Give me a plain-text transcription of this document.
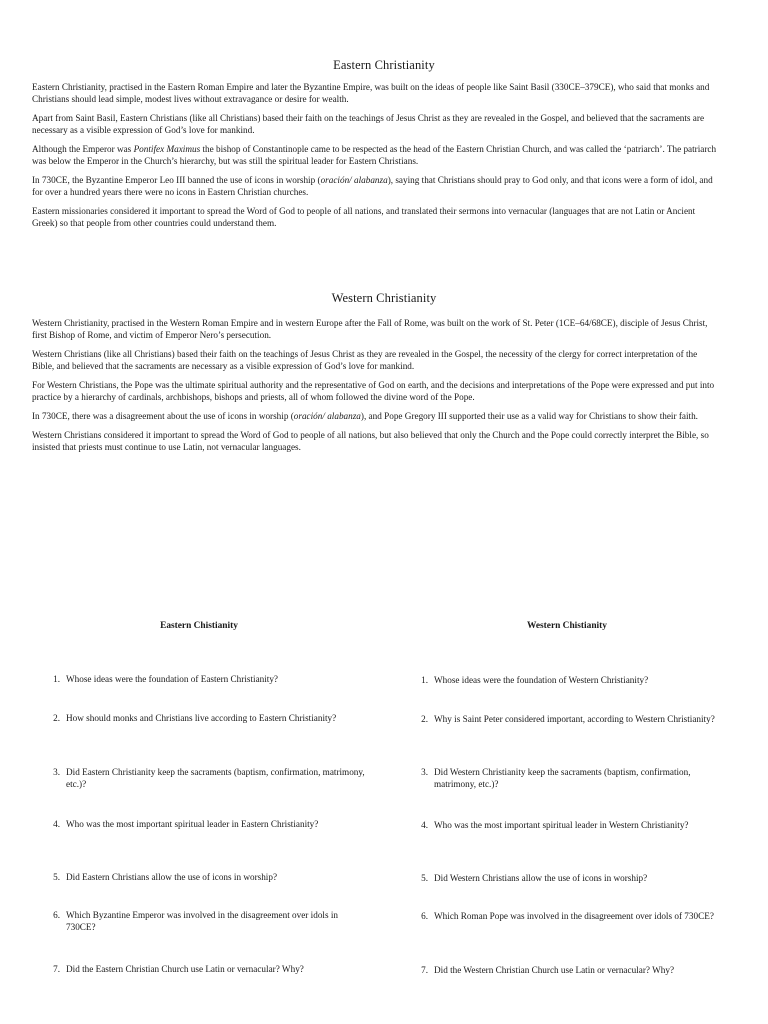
Eastern Christianity

Eastern Christianity, practised in the Eastern Roman Empire and later the Byzantine Empire, was built on the ideas of people like Saint Basil (330CE–379CE), who said that monks and Christians should lead simple, modest lives without extravagance or desire for wealth.

Apart from Saint Basil, Eastern Christians (like all Christians) based their faith on the teachings of Jesus Christ as they are revealed in the Gospel, and believed that the sacraments are necessary as a visible expression of God’s love for mankind.

Although the Emperor was Pontifex Maximus the bishop of Constantinople came to be respected as the head of the Eastern Christian Church, and was called the ‘patriarch’. The patriarch was below the Emperor in the Church’s hierarchy, but was still the spiritual leader for Eastern Christians.

In 730CE, the Byzantine Emperor Leo III banned the use of icons in worship (oración/ alabanza), saying that Christians should pray to God only, and that icons were a form of idol, and for over a hundred years there were no icons in Eastern Christian churches.

Eastern missionaries considered it important to spread the Word of God to people of all nations, and translated their sermons into vernacular (languages that are not Latin or Ancient Greek) so that people from other countries could understand them.

Western Christianity

Western Christianity, practised in the Western Roman Empire and in western Europe after the Fall of Rome, was built on the work of St. Peter (1CE–64/68CE), disciple of Jesus Christ, first Bishop of Rome, and victim of Emperor Nero’s persecution.

Western Christians (like all Christians) based their faith on the teachings of Jesus Christ as they are revealed in the Gospel, the necessity of the clergy for correct interpretation of the Bible, and believed that the sacraments are necessary as a visible expression of God’s love for mankind.

For Western Christians, the Pope was the ultimate spiritual authority and the representative of God on earth, and the decisions and interpretations of the Pope were expressed and put into practice by a hierarchy of cardinals, archbishops, bishops and priests, all of whom followed the divine word of the Pope.

In 730CE, there was a disagreement about the use of icons in worship (oración/ alabanza), and Pope Gregory III supported their use as a valid way for Christians to show their faith.

Western Christians considered it important to spread the Word of God to people of all nations, but also believed that only the Church and the Pope could correctly interpret the Bible, so insisted that priests must continue to use Latin, not vernacular languages.

Eastern Chistianity
1. Whose ideas were the foundation of Eastern Christianity?
2. How should monks and Christians live according to Eastern Christianity?
3. Did Eastern Christianity keep the sacraments (baptism, confirmation, matrimony, etc.)?
4. Who was the most important spiritual leader in Eastern Christianity?
5. Did Eastern Christians allow the use of icons in worship?
6. Which Byzantine Emperor was involved in the disagreement over idols in 730CE?
7. Did the Eastern Christian Church use Latin or vernacular? Why?
Western Chistianity
1. Whose ideas were the foundation of Western Christianity?
2. Why is Saint Peter considered important, according to Western Christianity?
3. Did Western Christianity keep the sacraments (baptism, confirmation, matrimony, etc.)?
4. Who was the most important spiritual leader in Western Christianity?
5. Did Western Christians allow the use of icons in worship?
6. Which Roman Pope was involved in the disagreement over idols of 730CE?
7. Did the Western Christian Church use Latin or vernacular? Why?
